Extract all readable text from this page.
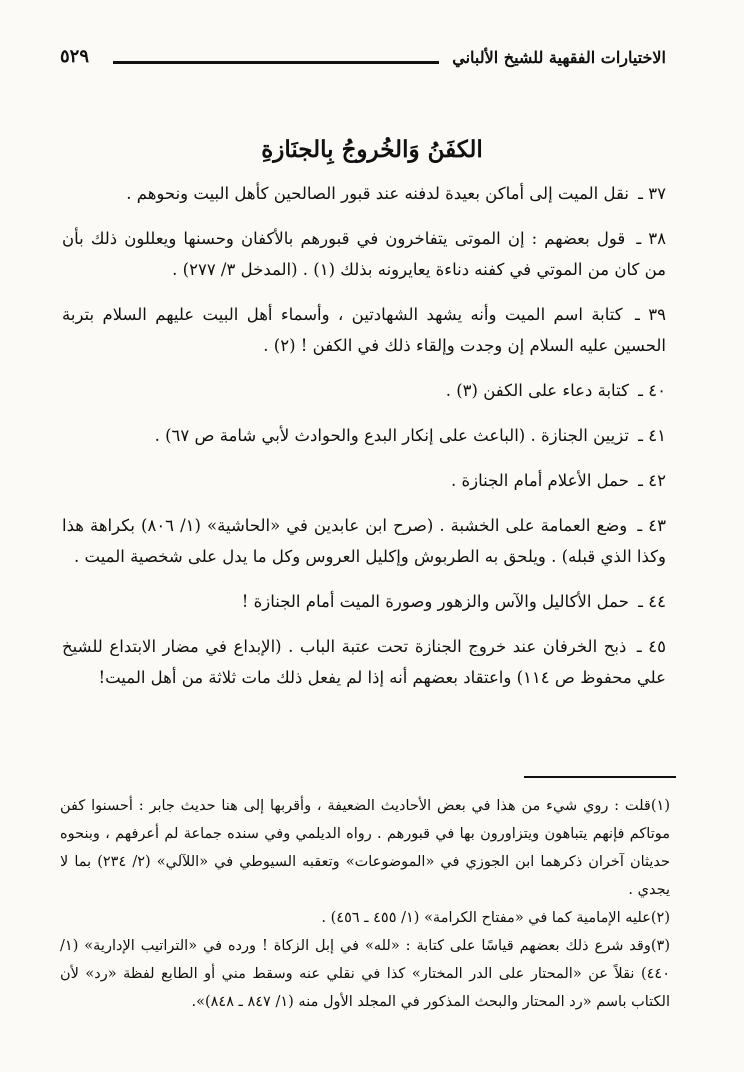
الاختيارات الفقهية للشيخ الألباني
٥٢٩
الكفَنُ وَالخُروجُ بِالجنَازةِ

٣٧ ـ نقل الميت إلى أماكن بعيدة لدفنه عند قبور الصالحين كأهل البيت ونحوهم .

٣٨ ـ قول بعضهم : إن الموتى يتفاخرون في قبورهم بالأكفان وحسنها ويعللون ذلك بأن من كان من الموتي في كفنه دناءة يعايرونه بذلك (١) . (المدخل ٣/ ٢٧٧) .

٣٩ ـ كتابة اسم الميت وأنه يشهد الشهادتين ، وأسماء أهل البيت عليهم السلام بتربة الحسين عليه السلام إن وجدت وإلقاء ذلك في الكفن ! (٢) .

٤٠ ـ كتابة دعاء على الكفن (٣) .

٤١ ـ تزيين الجنازة . (الباعث على إنكار البدع والحوادث لأبي شامة ص ٦٧) .

٤٢ ـ حمل الأعلام أمام الجنازة .

٤٣ ـ وضع العمامة على الخشبة . (صرح ابن عابدين في «الحاشية» (١/ ٨٠٦) بكراهة هذا وكذا الذي قبله) . ويلحق به الطربوش وإكليل العروس وكل ما يدل على شخصية الميت .

٤٤ ـ حمل الأكاليل والآس والزهور وصورة الميت أمام الجنازة !

٤٥ ـ ذبح الخرفان عند خروج الجنازة تحت عتبة الباب . (الإبداع في مضار الابتداع للشيخ علي محفوظ ص ١١٤) واعتقاد بعضهم أنه إذا لم يفعل ذلك مات ثلاثة من أهل الميت!

(١)قلت : روي شيء من هذا في بعض الأحاديث الضعيفة ، وأقربها إلى هنا حديث جابر : أحسنوا كفن موتاكم فإنهم يتباهون ويتزاورون بها في قبورهم . رواه الديلمي وفي سنده جماعة لم أعرفهم ، وبنحوه حديثان آخران ذكرهما ابن الجوزي في «الموضوعات» وتعقبه السيوطي في «اللآلي» (٢/ ٢٣٤) بما لا يجدي .

(٢)عليه الإمامية كما في «مفتاح الكرامة» (١/ ٤٥٥ ـ ٤٥٦) .

(٣)وقد شرع ذلك بعضهم قياسًا على كتابة : «لله» في إبل الزكاة ! ورده في «التراتيب الإدارية» (١/ ٤٤٠) نقلاً عن «المحتار على الدر المختار» كذا في نقلي عنه وسقط مني أو الطابع لفظة «رد» لأن الكتاب باسم «رد المحتار والبحث المذكور في المجلد الأول منه (١/ ٨٤٧ ـ ٨٤٨)».
